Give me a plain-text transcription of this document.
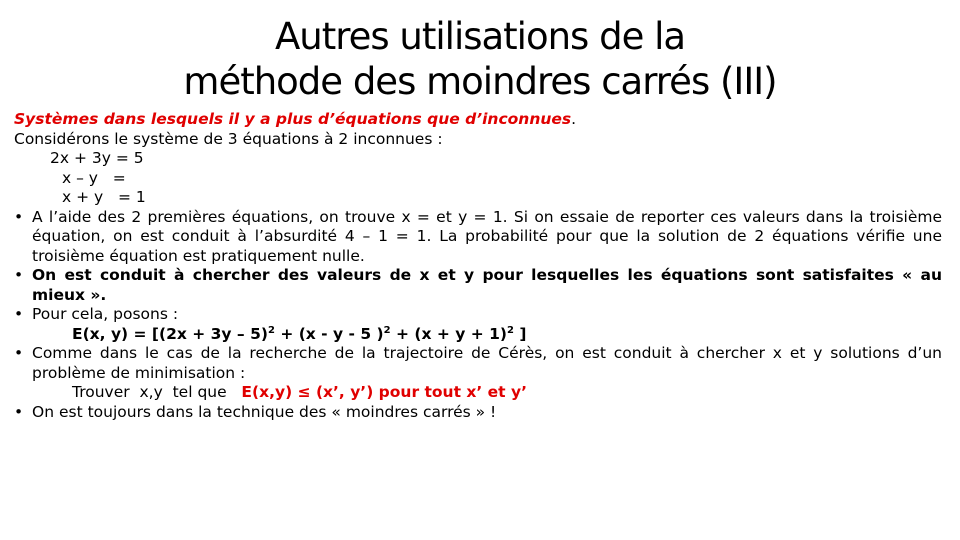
Autres utilisations de la
méthode des moindres carrés (III)
Systèmes dans lesquels il y a plus d’équations que d’inconnues.
Considérons le système de 3 équations à 2 inconnues :
2x + 3y = 5
x – y   =
x + y   = 1
• A l’aide des 2 premières équations, on trouve x = et y = 1. Si on essaie de reporter ces valeurs dans la troisième équation, on est conduit à l’absurdité 4 – 1 = 1. La probabilité pour que la solution de 2 équations vérifie une troisième équation est pratiquement nulle.
• On est conduit à chercher des valeurs de x et y pour lesquelles les équations sont satisfaites « au mieux ».
• Pour cela, posons :
E(x, $y) = [(2x + 3y - 5)^2 + (x - y - 5$ )$^2 + (x + y + 1)^2$ ]
• Comme dans le cas de la recherche de la trajectoire de Cérès, on est conduit à chercher x et y solutions d’un problème de minimisation :
Trouver  x,y  tel que E(x,y) ≤ (x’, y’) pour tout x’ et y’
• On est toujours dans la technique des « moindres carrés » !
